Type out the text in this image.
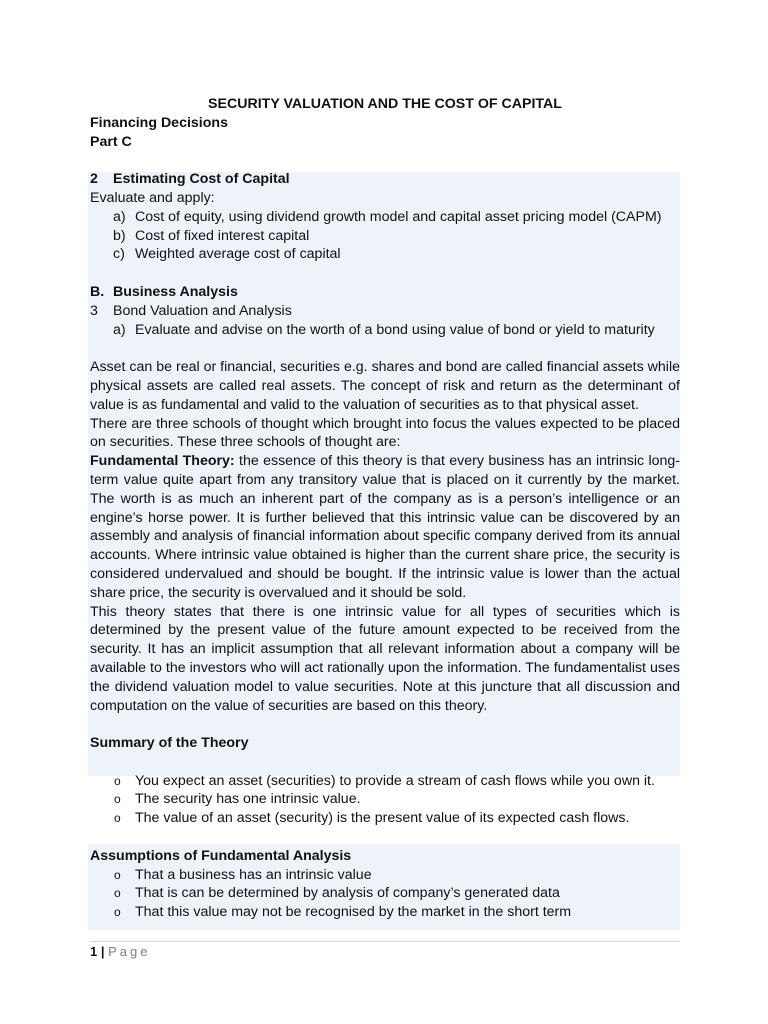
SECURITY VALUATION AND THE COST OF CAPITAL

Financing Decisions

Part C

2 Estimating Cost of Capital

Evaluate and apply:

a) Cost of equity, using dividend growth model and capital asset pricing model (CAPM)
b) Cost of fixed interest capital
c) Weighted average cost of capital

B. Business Analysis

3 Bond Valuation and Analysis

a) Evaluate and advise on the worth of a bond using value of bond or yield to maturity

Asset can be real or financial, securities e.g. shares and bond are called financial assets while physical assets are called real assets. The concept of risk and return as the determinant of value is as fundamental and valid to the valuation of securities as to that physical asset.

There are three schools of thought which brought into focus the values expected to be placed on securities. These three schools of thought are:

Fundamental Theory: the essence of this theory is that every business has an intrinsic long-term value quite apart from any transitory value that is placed on it currently by the market. The worth is as much an inherent part of the company as is a person’s intelligence or an engine’s horse power. It is further believed that this intrinsic value can be discovered by an assembly and analysis of financial information about specific company derived from its annual accounts. Where intrinsic value obtained is higher than the current share price, the security is considered undervalued and should be bought. If the intrinsic value is lower than the actual share price, the security is overvalued and it should be sold.

This theory states that there is one intrinsic value for all types of securities which is determined by the present value of the future amount expected to be received from the security. It has an implicit assumption that all relevant information about a company will be available to the investors who will act rationally upon the information. The fundamentalist uses the dividend valuation model to value securities. Note at this juncture that all discussion and computation on the value of securities are based on this theory.

Summary of the Theory

o You expect an asset (securities) to provide a stream of cash flows while you own it.
o The security has one intrinsic value.
o The value of an asset (security) is the present value of its expected cash flows.

Assumptions of Fundamental Analysis

o That a business has an intrinsic value
o That is can be determined by analysis of company’s generated data
o That this value may not be recognised by the market in the short term
1 | Page
